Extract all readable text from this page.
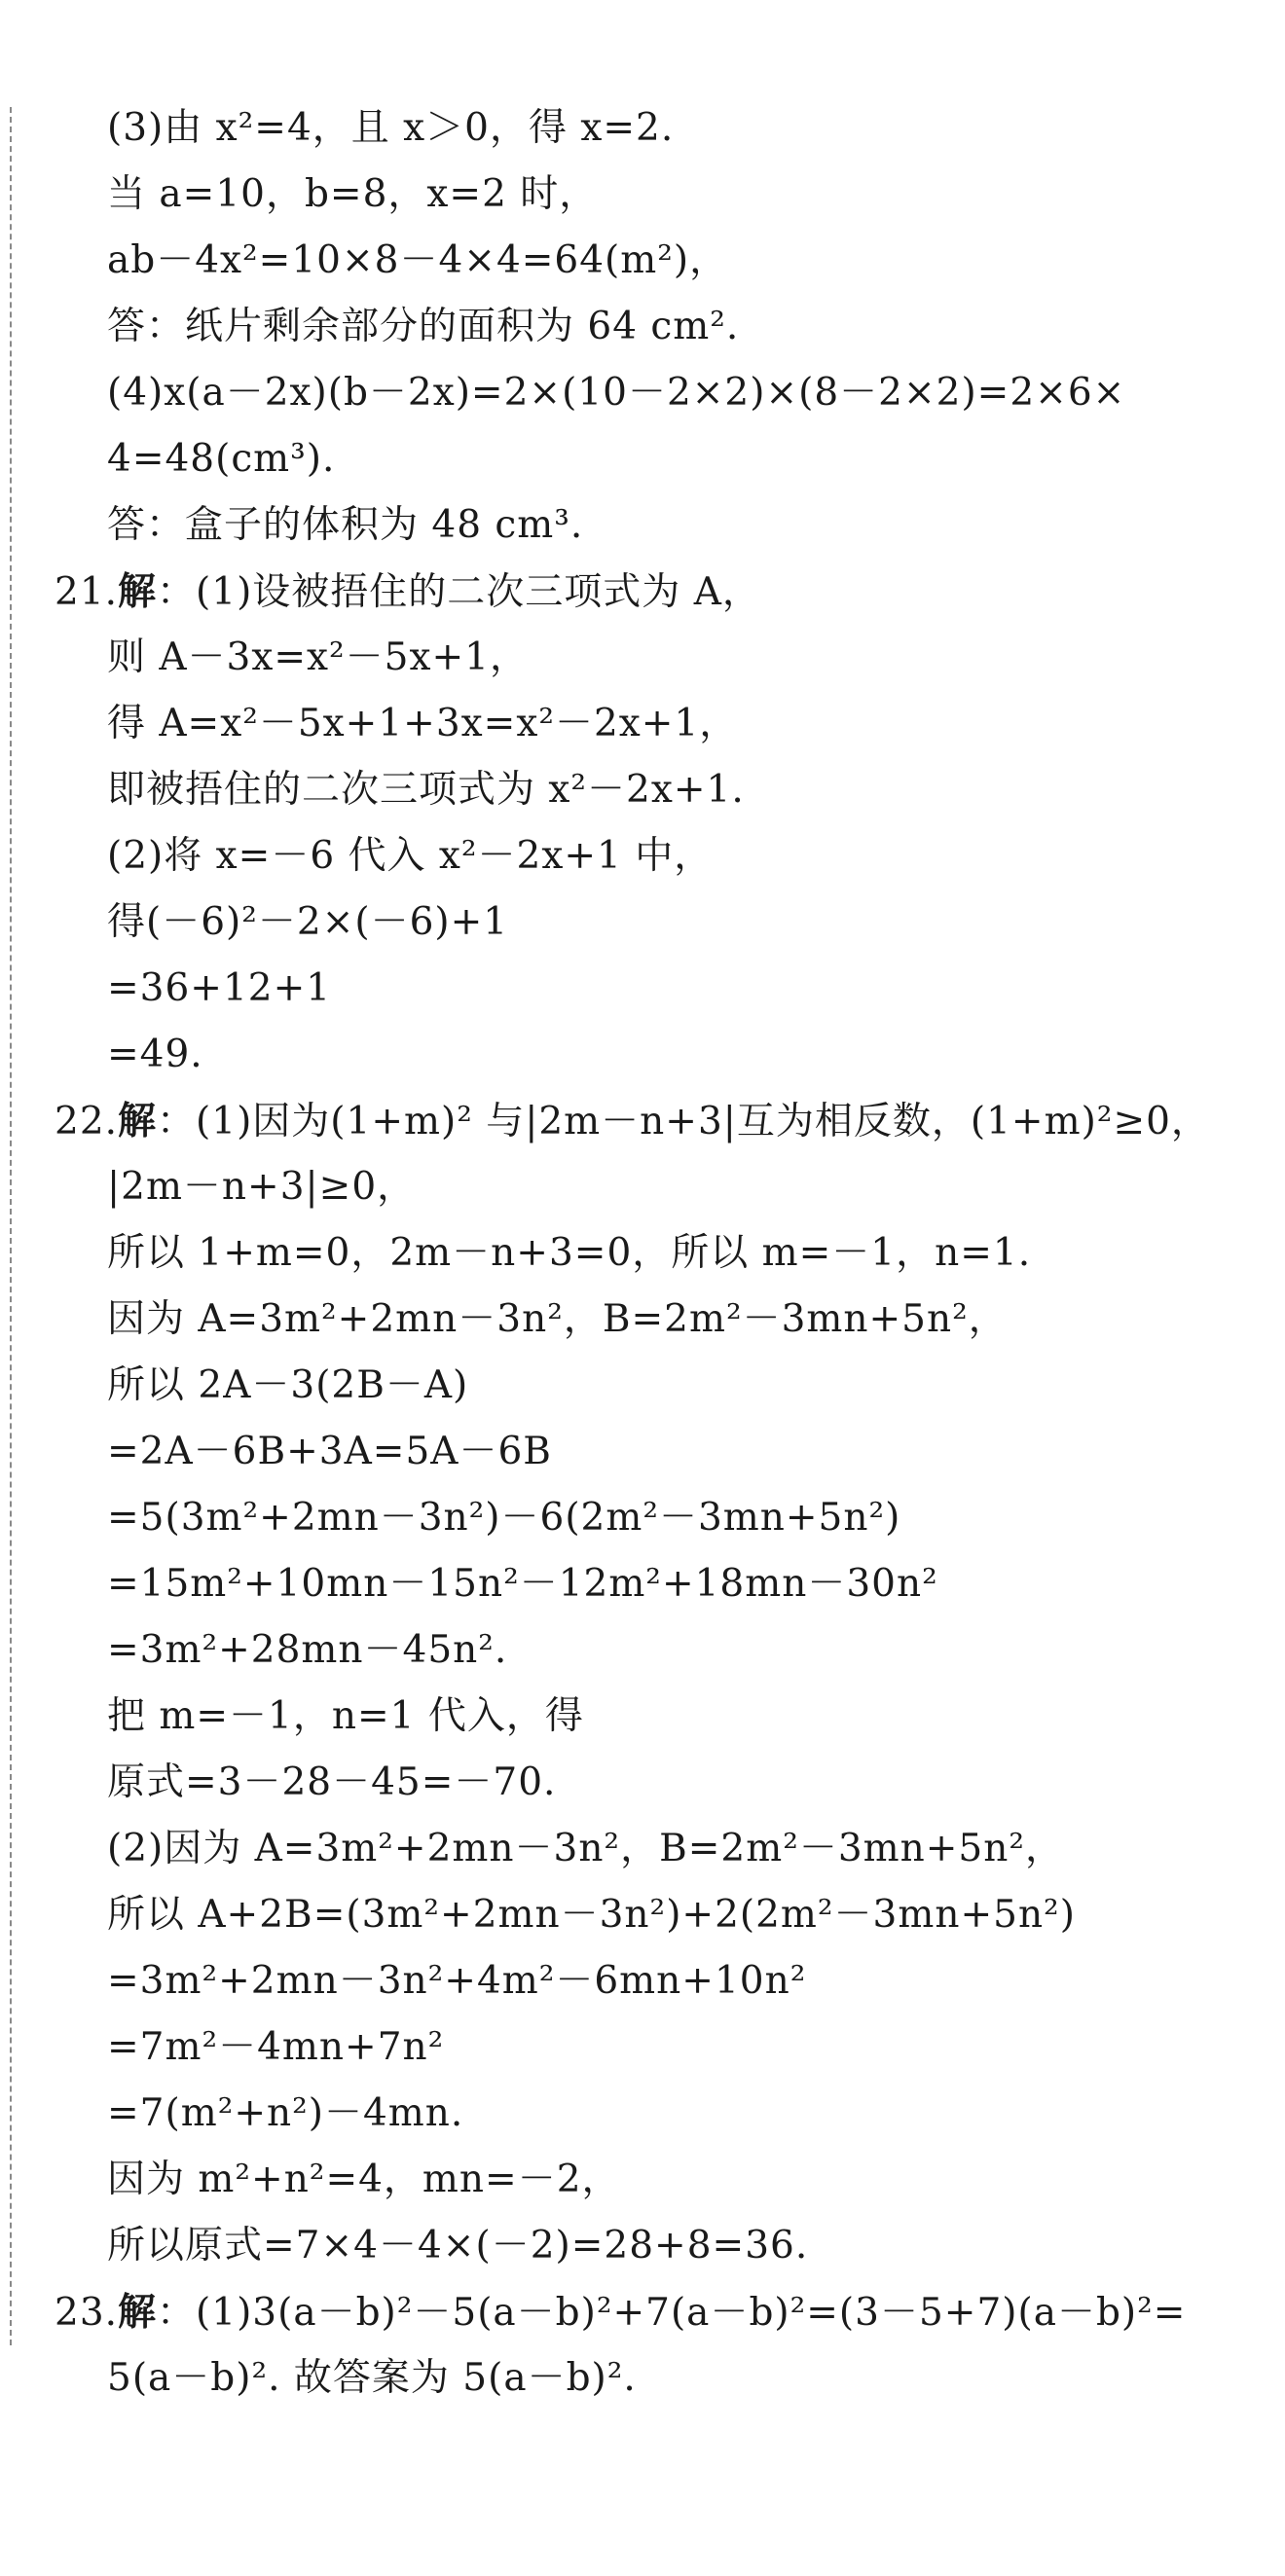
(3)由 x²=4，且 x＞0，得 x=2.
当 a=10，b=8，x=2 时，
ab－4x²=10×8－4×4=64(m²)，
答：纸片剩余部分的面积为 64 cm².
(4)x(a－2x)(b－2x)=2×(10－2×2)×(8－2×2)=2×6×
4=48(cm³).
答：盒子的体积为 48 cm³.
21.解：(1)设被捂住的二次三项式为 A，
则 A－3x=x²－5x+1，
得 A=x²－5x+1+3x=x²－2x+1，
即被捂住的二次三项式为 x²－2x+1.
(2)将 x=－6 代入 x²－2x+1 中，
得(－6)²－2×(－6)+1
=36+12+1
=49.
22.解：(1)因为(1+m)² 与|2m－n+3|互为相反数，(1+m)²≥0，
|2m－n+3|≥0，
所以 1+m=0，2m－n+3=0，所以 m=－1，n=1.
因为 A=3m²+2mn－3n²，B=2m²－3mn+5n²，
所以 2A－3(2B－A)
=2A－6B+3A=5A－6B
=5(3m²+2mn－3n²)－6(2m²－3mn+5n²)
=15m²+10mn－15n²－12m²+18mn－30n²
=3m²+28mn－45n².
把 m=－1，n=1 代入，得
原式=3－28－45=－70.
(2)因为 A=3m²+2mn－3n²，B=2m²－3mn+5n²，
所以 A+2B=(3m²+2mn－3n²)+2(2m²－3mn+5n²)
=3m²+2mn－3n²+4m²－6mn+10n²
=7m²－4mn+7n²
=7(m²+n²)－4mn.
因为 m²+n²=4，mn=－2，
所以原式=7×4－4×(－2)=28+8=36.
23.解：(1)3(a－b)²－5(a－b)²+7(a－b)²=(3－5+7)(a－b)²=
5(a－b)². 故答案为 5(a－b)².
